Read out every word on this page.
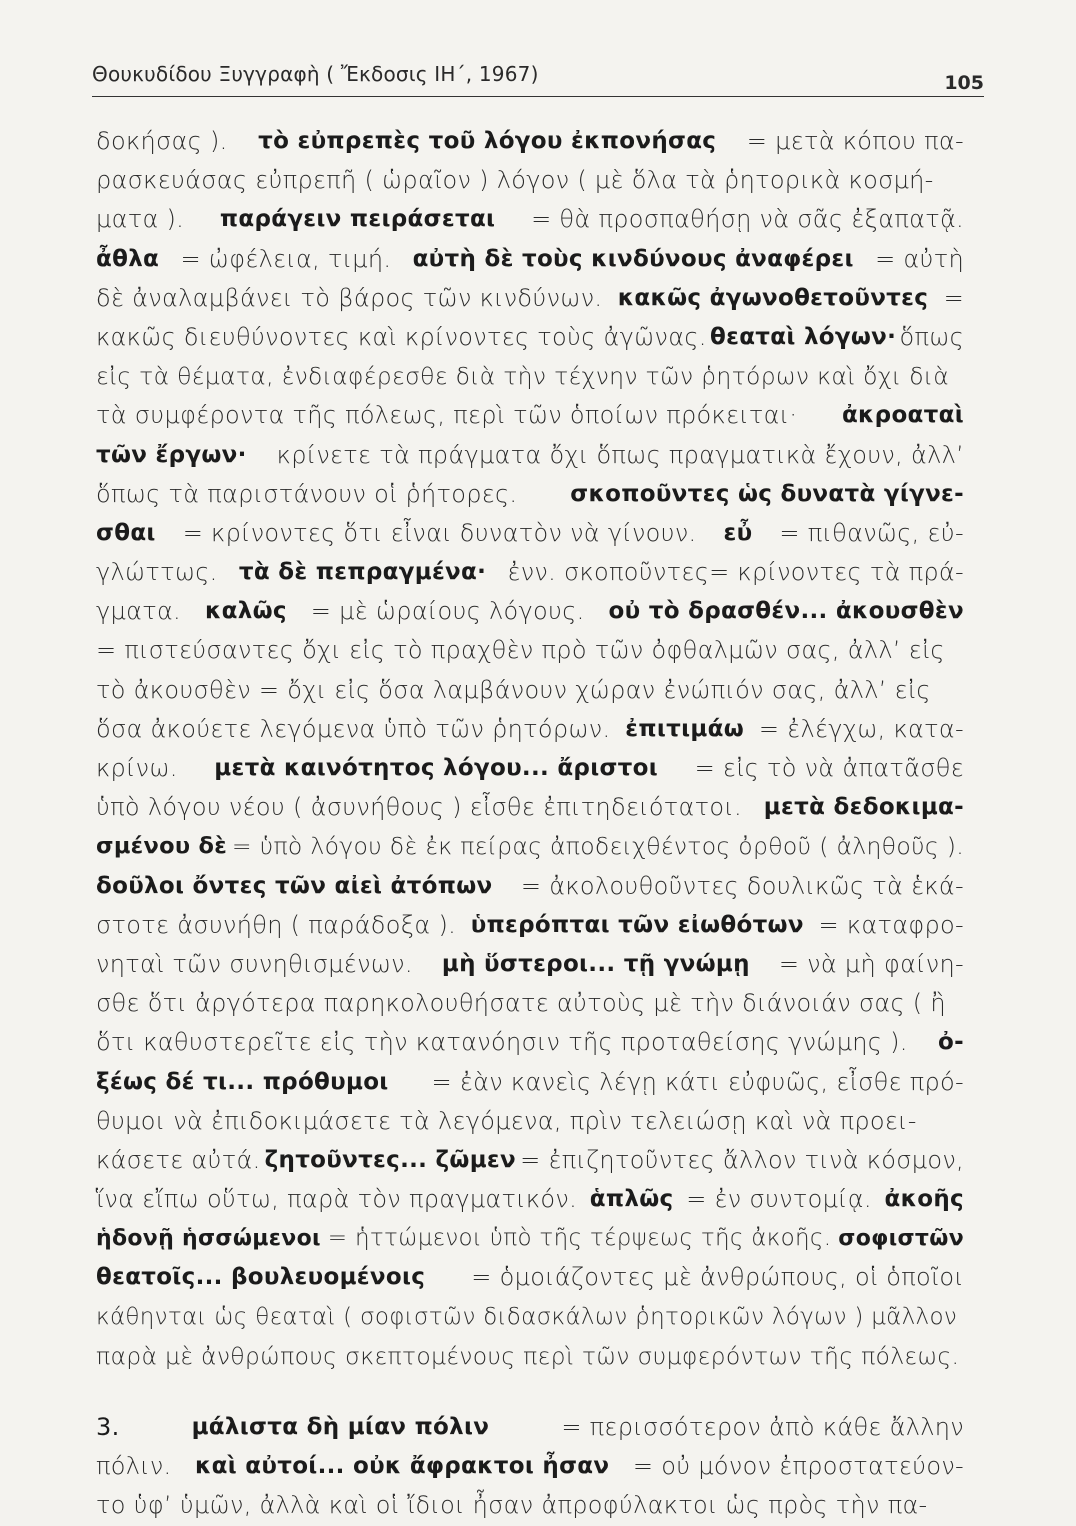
Θουκυδίδου Ξυγγραφὴ ( Ἔκδοσις ΙΗ΄, 1967)	105
δοκήσας ). τὸ εὐπρεπὲς τοῦ λόγου ἐκπονήσας = μετὰ κόπου πα-
ρασκευάσας εὐπρεπῆ ( ὡραῖον ) λόγον ( μὲ ὅλα τὰ ῥητορικὰ κοσμή-
ματα ). παράγειν πειράσεται = θὰ προσπαθήσῃ νὰ σᾶς ἐξαπατᾷ.
ἆθλα = ὠφέλεια, τιμή. αὐτὴ δὲ τοὺς κινδύνους ἀναφέρει = αὐτὴ
δὲ ἀναλαμβάνει τὸ βάρος τῶν κινδύνων. κακῶς ἀγωνοθετοῦντες =
κακῶς διευθύνοντες καὶ κρίνοντες τοὺς ἀγῶνας. θεαταὶ λόγων· ὅπως
εἰς τὰ θέματα, ἐνδιαφέρεσθε διὰ τὴν τέχνην τῶν ῥητόρων καὶ ὄχι διὰ
τὰ συμφέροντα τῆς πόλεως, περὶ τῶν ὁποίων πρόκειται· ἀκροαταὶ
τῶν ἔργων· κρίνετε τὰ πράγματα ὄχι ὅπως πραγματικὰ ἔχουν, ἀλλ’
ὅπως τὰ παριστάνουν οἱ ῥήτορες. σκοποῦντες ὡς δυνατὰ γίγνε-
σθαι = κρίνοντες ὅτι εἶναι δυνατὸν νὰ γίνουν. εὖ = πιθανῶς, εὐ-
γλώττως. τὰ δὲ πεπραγμένα· ἐνν. σκοποῦντες= κρίνοντες τὰ πρά-
γματα. καλῶς = μὲ ὡραίους λόγους. οὐ τὸ δρασθέν... ἀκουσθὲν
= πιστεύσαντες ὄχι εἰς τὸ πραχθὲν πρὸ τῶν ὀφθαλμῶν σας, ἀλλ’ εἰς
τὸ ἀκουσθὲν = ὄχι εἰς ὅσα λαμβάνουν χώραν ἐνώπιόν σας, ἀλλ’ εἰς
ὅσα ἀκούετε λεγόμενα ὑπὸ τῶν ῥητόρων. ἐπιτιμάω = ἐλέγχω, κατα-
κρίνω. μετὰ καινότητος λόγου... ἄριστοι = εἰς τὸ νὰ ἀπατᾶσθε
ὑπὸ λόγου νέου ( ἀσυνήθους ) εἶσθε ἐπιτηδειότατοι. μετὰ δεδοκιμα-
σμένου δὲ = ὑπὸ λόγου δὲ ἐκ πείρας ἀποδειχθέντος ὀρθοῦ ( ἀληθοῦς ).
δοῦλοι ὄντες τῶν αἰεὶ ἀτόπων = ἀκολουθοῦντες δουλικῶς τὰ ἑκά-
στοτε ἀσυνήθη ( παράδοξα ). ὑπερόπται τῶν εἰωθότων = καταφρο-
νηταὶ τῶν συνηθισμένων. μὴ ὕστεροι... τῇ γνώμῃ = νὰ μὴ φαίνη-
σθε ὅτι ἀργότερα παρηκολουθήσατε αὐτοὺς μὲ τὴν διάνοιάν σας ( ἢ
ὅτι καθυστερεῖτε εἰς τὴν κατανόησιν τῆς προταθείσης γνώμης ). ὀ-
ξέως δέ τι... πρόθυμοι = ἐὰν κανεὶς λέγῃ κάτι εὐφυῶς, εἶσθε πρό-
θυμοι νὰ ἐπιδοκιμάσετε τὰ λεγόμενα, πρὶν τελειώσῃ καὶ νὰ προει-
κάσετε αὐτά. ζητοῦντες... ζῶμεν = ἐπιζητοῦντες ἄλλον τινὰ κόσμον,
ἵνα εἴπω οὕτω, παρὰ τὸν πραγματικόν. ἁπλῶς = ἐν συντομίᾳ. ἀκοῆς
ἡδονῇ ἡσσώμενοι = ἡττώμενοι ὑπὸ τῆς τέρψεως τῆς ἀκοῆς. σοφιστῶν
θεατοῖς... βουλευομένοις = ὁμοιάζοντες μὲ ἀνθρώπους, οἱ ὁποῖοι
κάθηνται ὡς θεαταὶ ( σοφιστῶν διδασκάλων ῥητορικῶν λόγων ) μᾶλλον
παρὰ μὲ ἀνθρώπους σκεπτομένους περὶ τῶν συμφερόντων τῆς πόλεως.
3.	μάλιστα δὴ μίαν πόλιν	= περισσότερον ἀπὸ κάθε ἄλλην
πόλιν. καὶ αὐτοί... οὐκ ἄφρακτοι ἦσαν = οὐ μόνον ἐπροστατεύον-
το ὑφ’ ὑμῶν, ἀλλὰ καὶ οἱ ἴδιοι ἦσαν ἀπροφύλακτοι ὡς πρὸς τὴν πα-
